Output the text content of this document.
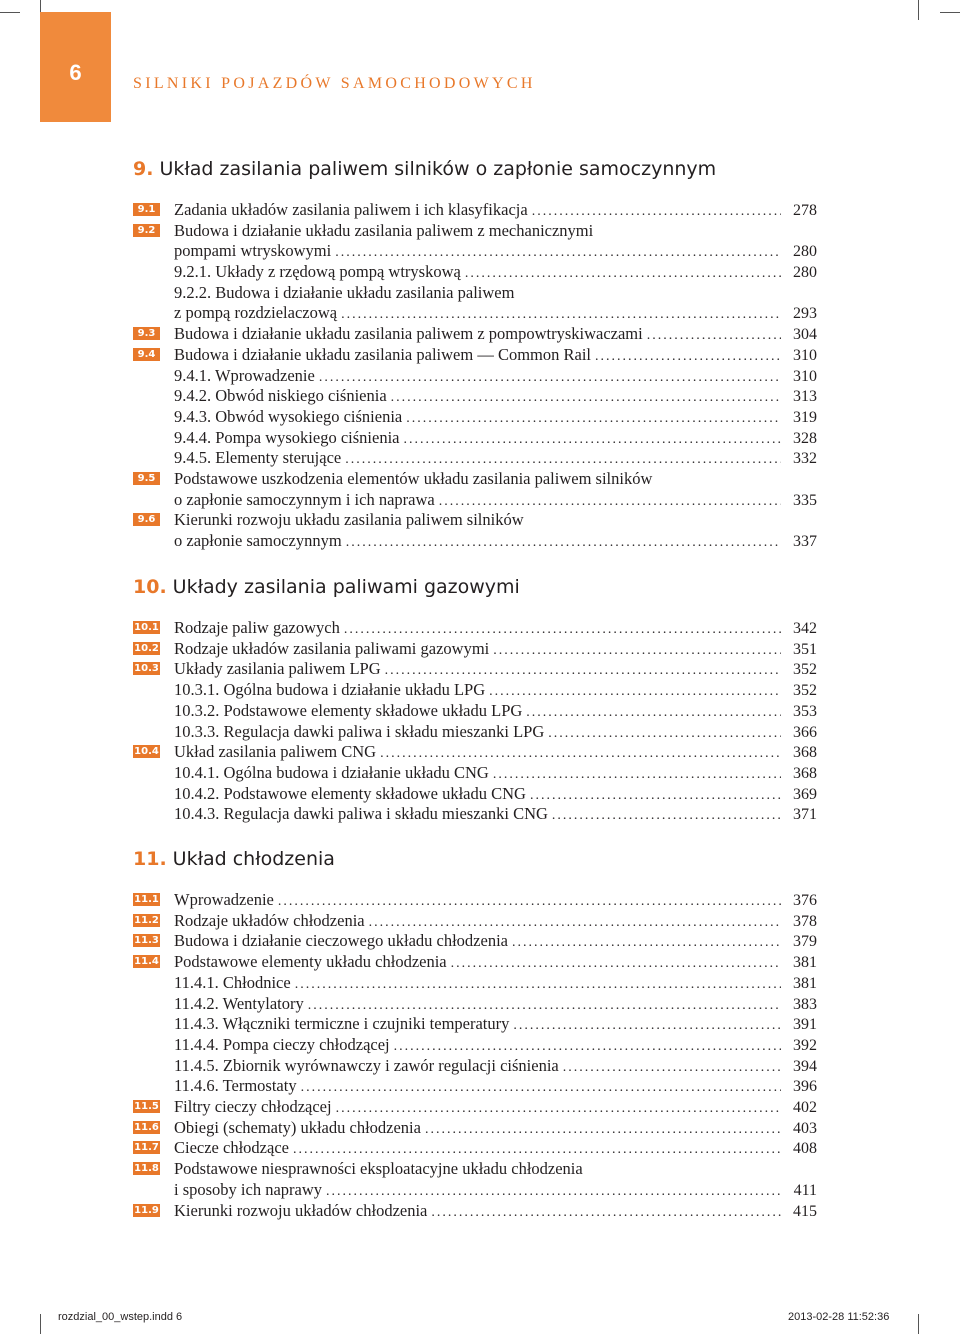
6	SILNIKI POJAZDÓW SAMOCHODOWYCH
9. Układ zasilania paliwem silników o zapłonie samoczynnym
9.1 Zadania układów zasilania paliwem i ich klasyfikacja .....	278
9.2 Budowa i działanie układu zasilania paliwem z mechanicznymi
pompami wtryskowymi .....	280
9.2.1. Układy z rzędową pompą wtryskową .....	280
9.2.2. Budowa i działanie układu zasilania paliwem
z pompą rozdzielaczową .....	293
9.3 Budowa i działanie układu zasilania paliwem z pompowtryskiwaczami .....	304
9.4 Budowa i działanie układu zasilania paliwem — Common Rail .....	310
9.4.1. Wprowadzenie .....	310
9.4.2. Obwód niskiego ciśnienia .....	313
9.4.3. Obwód wysokiego ciśnienia .....	319
9.4.4. Pompa wysokiego ciśnienia .....	328
9.4.5. Elementy sterujące .....	332
9.5 Podstawowe uszkodzenia elementów układu zasilania paliwem silników
o zapłonie samoczynnym i ich naprawa .....	335
9.6 Kierunki rozwoju układu zasilania paliwem silników
o zapłonie samoczynnym .....	337
10. Układy zasilania paliwami gazowymi
10.1 Rodzaje paliw gazowych .....	342
10.2 Rodzaje układów zasilania paliwami gazowymi .....	351
10.3 Układy zasilania paliwem LPG .....	352
10.3.1. Ogólna budowa i działanie układu LPG .....	352
10.3.2. Podstawowe elementy składowe układu LPG .....	353
10.3.3. Regulacja dawki paliwa i składu mieszanki LPG .....	366
10.4 Układ zasilania paliwem CNG .....	368
10.4.1. Ogólna budowa i działanie układu CNG .....	368
10.4.2. Podstawowe elementy składowe układu CNG .....	369
10.4.3. Regulacja dawki paliwa i składu mieszanki CNG .....	371
11. Układ chłodzenia
11.1 Wprowadzenie .....	376
11.2 Rodzaje układów chłodzenia .....	378
11.3 Budowa i działanie cieczowego układu chłodzenia .....	379
11.4 Podstawowe elementy układu chłodzenia .....	381
11.4.1. Chłodnice .....	381
11.4.2. Wentylatory .....	383
11.4.3. Włączniki termiczne i czujniki temperatury .....	391
11.4.4. Pompa cieczy chłodzącej .....	392
11.4.5. Zbiornik wyrównawczy i zawór regulacji ciśnienia .....	394
11.4.6. Termostaty .....	396
11.5 Filtry cieczy chłodzącej .....	402
11.6 Obiegi (schematy) układu chłodzenia .....	403
11.7 Ciecze chłodzące .....	408
11.8 Podstawowe niesprawności eksploatacyjne układu chłodzenia
i sposoby ich naprawy .....	411
11.9 Kierunki rozwoju układów chłodzenia .....	415
rozdzial_00_wstep.indd 6	2013-02-28 11:52:36
